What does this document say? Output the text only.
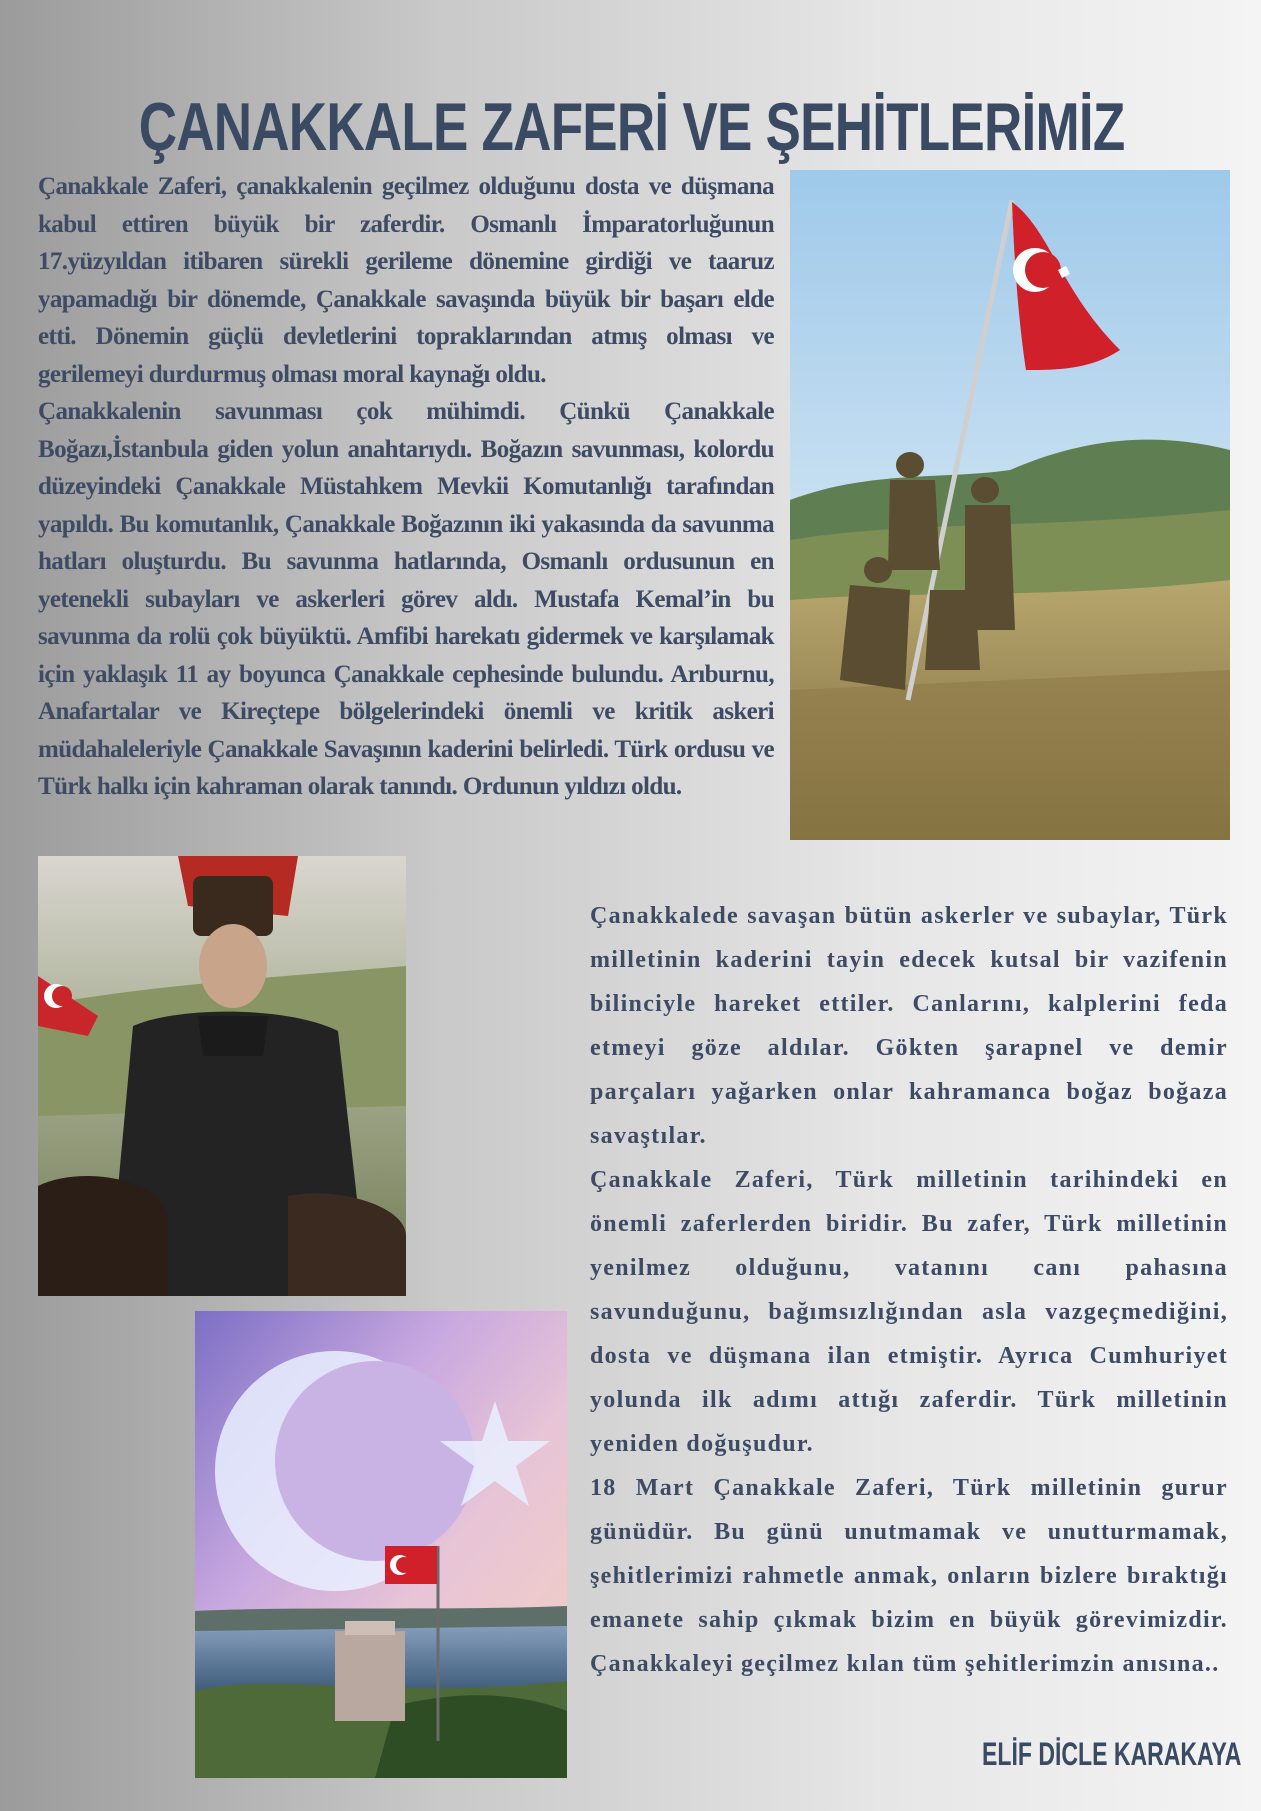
ÇANAKKALE ZAFERİ VE ŞEHİTLERİMİZ

Çanakkale Zaferi, çanakkalenin geçilmez olduğunu dosta ve düşmana kabul ettiren büyük bir zaferdir. Osmanlı İmparatorluğunun 17.yüzyıldan itibaren sürekli gerileme dönemine girdiği ve taaruz yapamadığı bir dönemde, Çanakkale savaşında büyük bir başarı elde etti. Dönemin güçlü devletlerini topraklarından atmış olması ve gerilemeyi durdurmuş olması moral kaynağı oldu.

Çanakkalenin savunması çok mühimdi. Çünkü Çanakkale Boğazı,İstanbula giden yolun anahtarıydı. Boğazın savunması, kolordu düzeyindeki Çanakkale Müstahkem Mevkii Komutanlığı tarafından yapıldı. Bu komutanlık, Çanakkale Boğazının iki yakasında da savunma hatları oluşturdu. Bu savunma hatlarında, Osmanlı ordusunun en yetenekli subayları ve askerleri görev aldı. Mustafa Kemal’in bu savunma da rolü çok büyüktü. Amfibi harekatı gidermek ve karşılamak için yaklaşık 11 ay boyunca Çanakkale cephesinde bulundu. Arıburnu, Anafartalar ve Kireçtepe bölgelerindeki önemli ve kritik askeri müdahaleleriyle Çanakkale Savaşının kaderini belirledi. Türk ordusu ve Türk halkı için kahraman olarak tanındı. Ordunun yıldızı oldu.

Çanakkalede savaşan bütün askerler ve subaylar, Türk milletinin kaderini tayin edecek kutsal bir vazifenin bilinciyle hareket ettiler. Canlarını, kalplerini feda etmeyi göze aldılar. Gökten şarapnel ve demir parçaları yağarken onlar kahramanca boğaz boğaza savaştılar.

Çanakkale Zaferi, Türk milletinin tarihindeki en önemli zaferlerden biridir. Bu zafer, Türk milletinin yenilmez olduğunu, vatanını canı pahasına savunduğunu, bağımsızlığından asla vazgeçmediğini, dosta ve düşmana ilan etmiştir. Ayrıca Cumhuriyet yolunda ilk adımı attığı zaferdir. Türk milletinin yeniden doğuşudur.

18 Mart Çanakkale Zaferi, Türk milletinin gurur günüdür. Bu günü unutmamak ve unutturmamak, şehitlerimizi rahmetle anmak, onların bizlere bıraktığı emanete sahip çıkmak bizim en büyük görevimizdir. Çanakkaleyi geçilmez kılan tüm şehitlerimzin anısına..

ELİF DİCLE KARAKAYA
